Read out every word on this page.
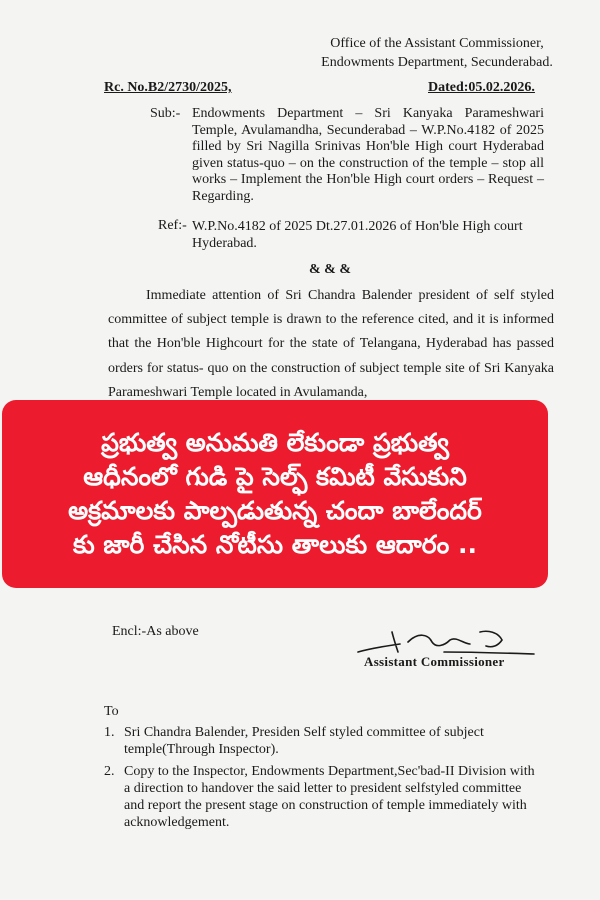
Office of the Assistant Commissioner,
Endowments Department, Secunderabad.
Rc. No.B2/2730/2025,	Dated:05.02.2026.
Sub:- Endowments Department – Sri Kanyaka Parameshwari Temple, Avulamandha, Secunderabad – W.P.No.4182 of 2025 filled by Sri Nagilla Srinivas Hon'ble High court Hyderabad given status-quo – on the construction of the temple – stop all works – Implement the Hon'ble High court orders – Request – Regarding.
Ref:- W.P.No.4182 of 2025 Dt.27.01.2026 of Hon'ble High court Hyderabad.
& & &
Immediate attention of Sri Chandra Balender president of self styled committee of subject temple is drawn to the reference cited, and it is informed that the Hon'ble Highcourt for the state of Telangana, Hyderabad has passed orders for status- quo on the construction of subject temple site of Sri Kanyaka Parameshwari Temple located in Avulamanda,
ప్రభుత్వ అనుమతి లేకుండా ప్రభుత్వ
ఆధీనంలో గుడి పై సెల్ఫ్ కమిటీ వేసుకుని
అక్రమాలకు పాల్పడుతున్న చందా బాలేందర్
కు జారీ చేసిన నోటీసు తాలుకు ఆదారం ..
Encl:-As above
Assistant Commissioner
To
1. Sri Chandra Balender, Presiden Self styled committee of subject temple(Through Inspector).
2. Copy to the Inspector, Endowments Department,Sec'bad-II Division with a direction to handover the said letter to president selfstyled committee and report the present stage on construction of temple immediately with acknowledgement.
